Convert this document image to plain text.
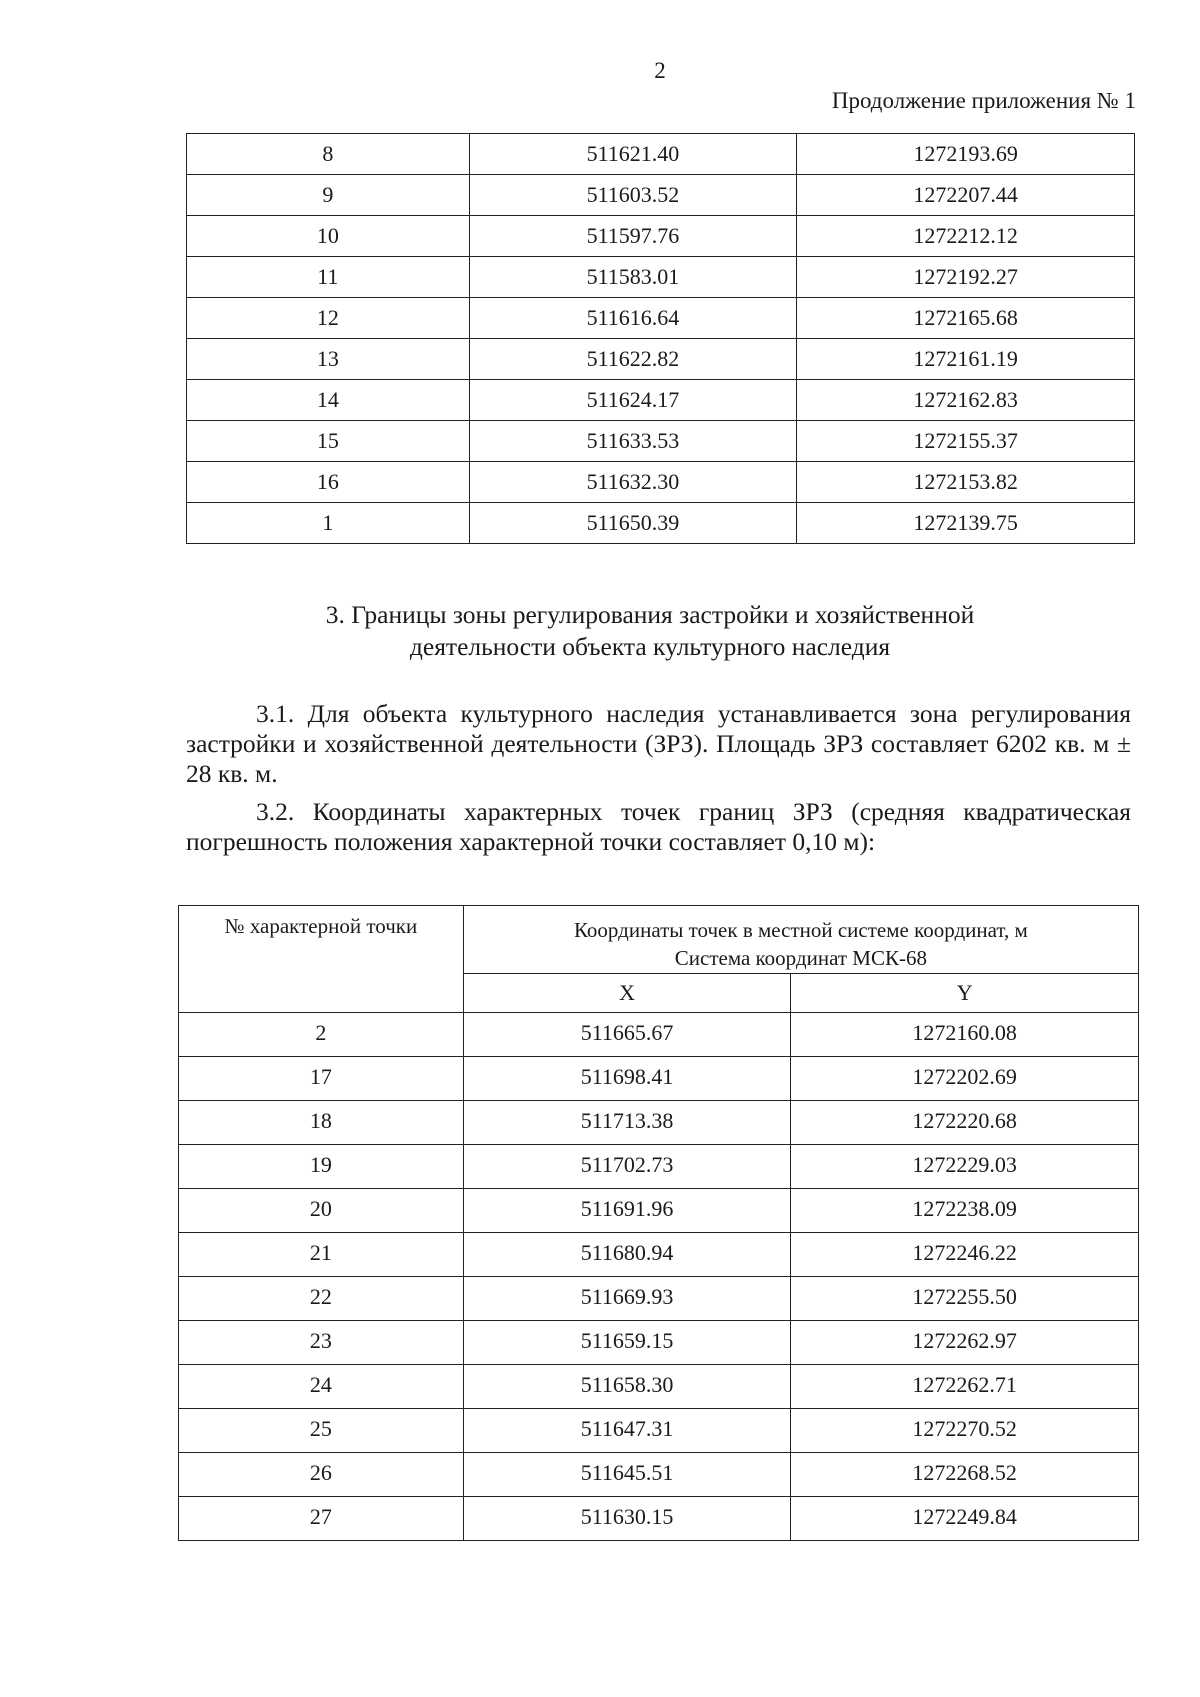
2
Продолжение приложения № 1
8	511621.40	1272193.69
9	511603.52	1272207.44
10	511597.76	1272212.12
11	511583.01	1272192.27
12	511616.64	1272165.68
13	511622.82	1272161.19
14	511624.17	1272162.83
15	511633.53	1272155.37
16	511632.30	1272153.82
1	511650.39	1272139.75
3. Границы зоны регулирования застройки и хозяйственной
деятельности объекта культурного наследия
3.1. Для объекта культурного наследия устанавливается зона регулирования застройки и хозяйственной деятельности (ЗРЗ). Площадь ЗРЗ составляет 6202 кв. м ± 28 кв. м.
3.2. Координаты характерных точек границ ЗРЗ (средняя квадратическая погрешность положения характерной точки составляет 0,10 м):
№ характерной точки	Координаты точек в местной системе координат, м
Система координат МСК-68	

	X	Y
2	511665.67	1272160.08
17	511698.41	1272202.69
18	511713.38	1272220.68
19	511702.73	1272229.03
20	511691.96	1272238.09
21	511680.94	1272246.22
22	511669.93	1272255.50
23	511659.15	1272262.97
24	511658.30	1272262.71
25	511647.31	1272270.52
26	511645.51	1272268.52
27	511630.15	1272249.84
